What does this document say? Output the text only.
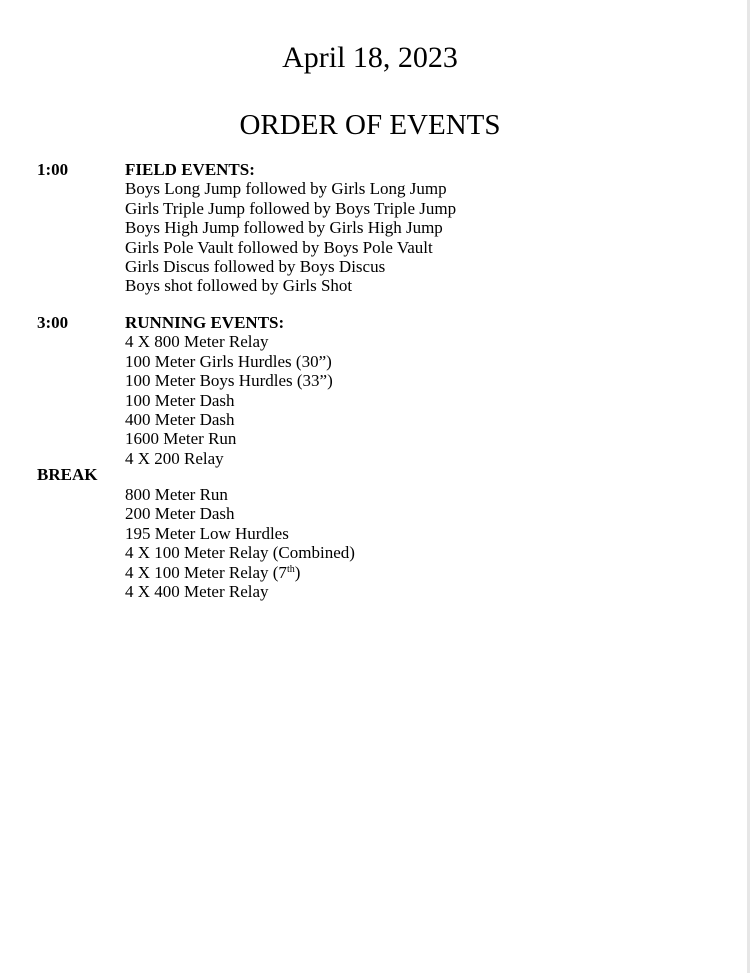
April 18, 2023
ORDER OF EVENTS
1:00	FIELD EVENTS:
Boys Long Jump followed by Girls Long Jump
Girls Triple Jump followed by Boys Triple Jump
Boys High Jump followed by Girls High Jump
Girls Pole Vault followed by Boys Pole Vault
Girls Discus followed by Boys Discus
Boys shot followed by Girls Shot
3:00	RUNNING EVENTS:
4 X 800 Meter Relay
100 Meter Girls Hurdles (30”)
100 Meter Boys Hurdles (33”)
100 Meter Dash
400 Meter Dash
1600 Meter Run
4 X 200 Relay
BREAK
800 Meter Run
200 Meter Dash
195 Meter Low Hurdles
4 X 100 Meter Relay (Combined)
4 X 100 Meter Relay (7th)
4 X 400 Meter Relay
